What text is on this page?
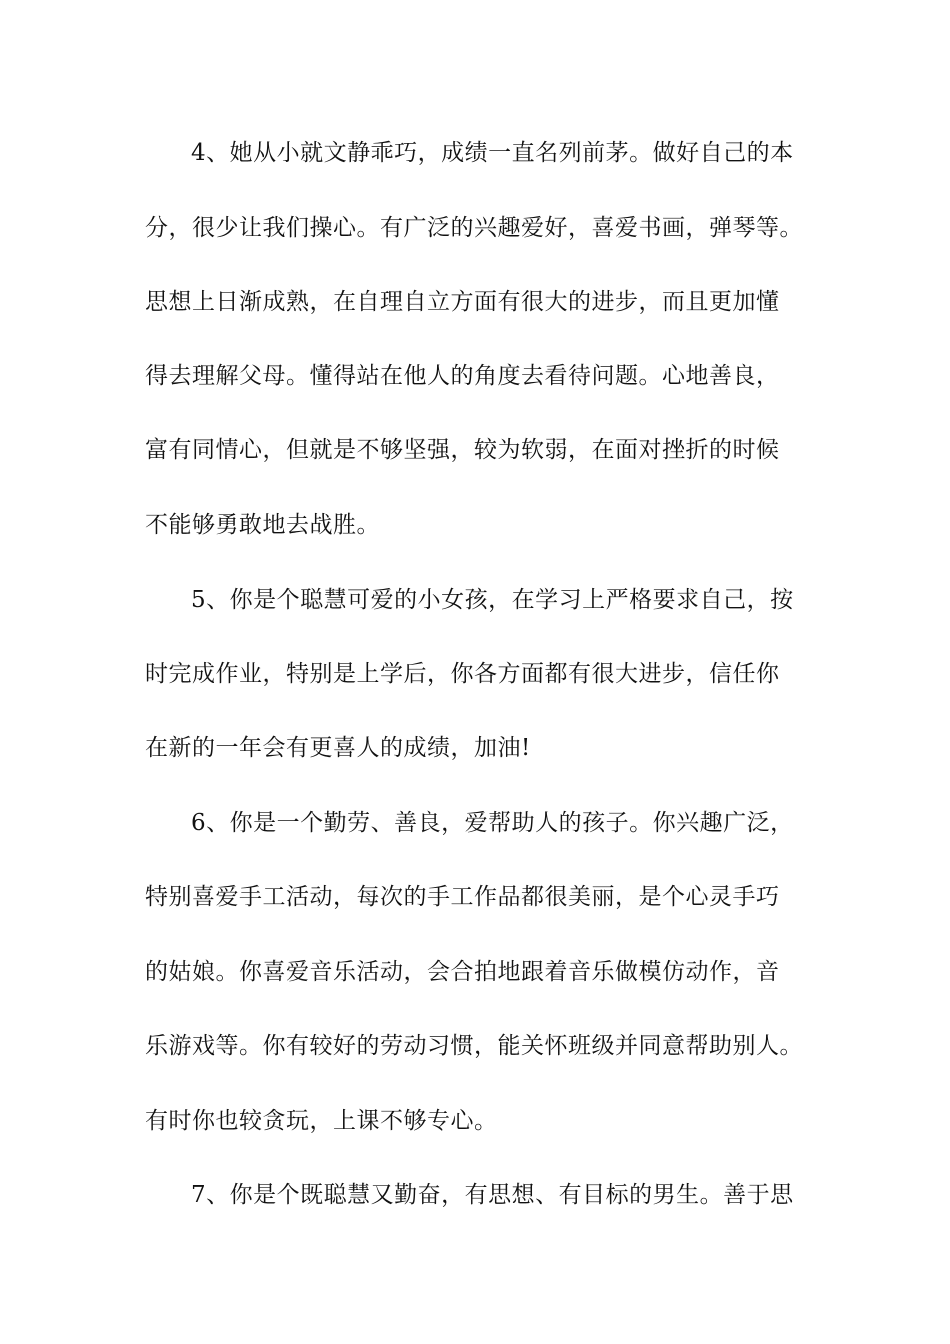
4、她从小就文静乖巧，成绩一直名列前茅。做好自己的本
分，很少让我们操心。有广泛的兴趣爱好，喜爱书画，弹琴等。
思想上日渐成熟，在自理自立方面有很大的进步，而且更加懂
得去理解父母。懂得站在他人的角度去看待问题。心地善良，
富有同情心，但就是不够坚强，较为软弱，在面对挫折的时候
不能够勇敢地去战胜。
5、你是个聪慧可爱的小女孩，在学习上严格要求自己，按
时完成作业，特别是上学后，你各方面都有很大进步，信任你
在新的一年会有更喜人的成绩，加油!
6、你是一个勤劳、善良，爱帮助人的孩子。你兴趣广泛，
特别喜爱手工活动，每次的手工作品都很美丽，是个心灵手巧
的姑娘。你喜爱音乐活动，会合拍地跟着音乐做模仿动作，音
乐游戏等。你有较好的劳动习惯，能关怀班级并同意帮助别人。
有时你也较贪玩，上课不够专心。
7、你是个既聪慧又勤奋，有思想、有目标的男生。善于思
